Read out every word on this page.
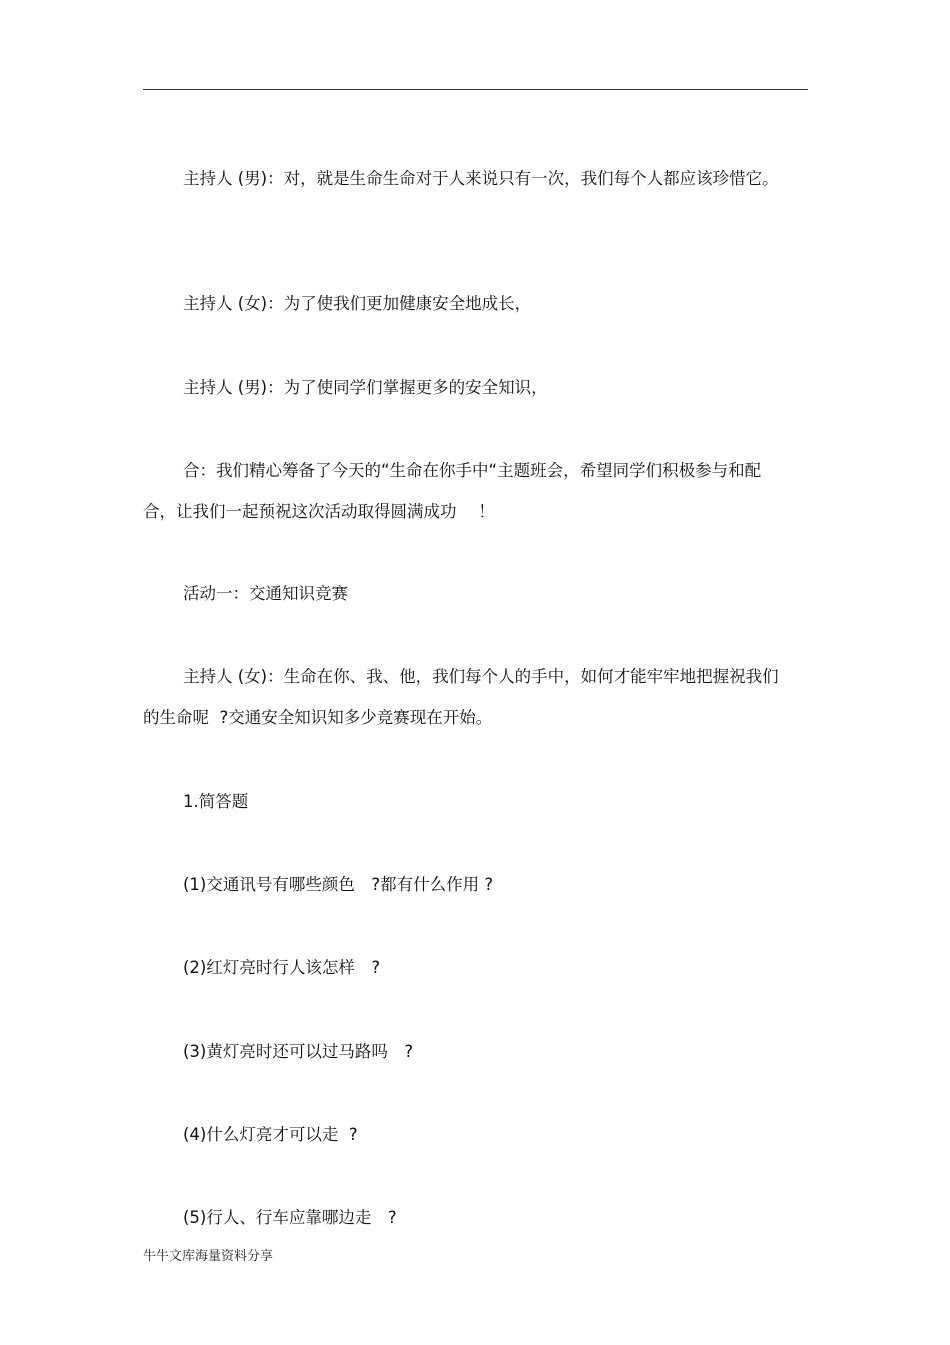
主持人 (男)：对，就是生命生命对于人来说只有一次，我们每个人都应该珍惜它。

主持人 (女)：为了使我们更加健康安全地成长，

主持人 (男)：为了使同学们掌握更多的安全知识，

合：我们精心筹备了今天的“生命在你手中“主题班会，希望同学们积极参与和配合，让我们一起预祝这次活动取得圆满成功　 ！

活动一：交通知识竞赛

主持人 (女)：生命在你、我、他，我们每个人的手中，如何才能牢牢地把握祝我们的生命呢  ?交通安全知识知多少竞赛现在开始。

1.简答题

(1)交通讯号有哪些颜色　?都有什么作用 ?

(2)红灯亮时行人该怎样　?

(3)黄灯亮时还可以过马路吗　?

(4)什么灯亮才可以走  ?

(5)行人、行车应靠哪边走　?

牛牛文库海量资料分享
